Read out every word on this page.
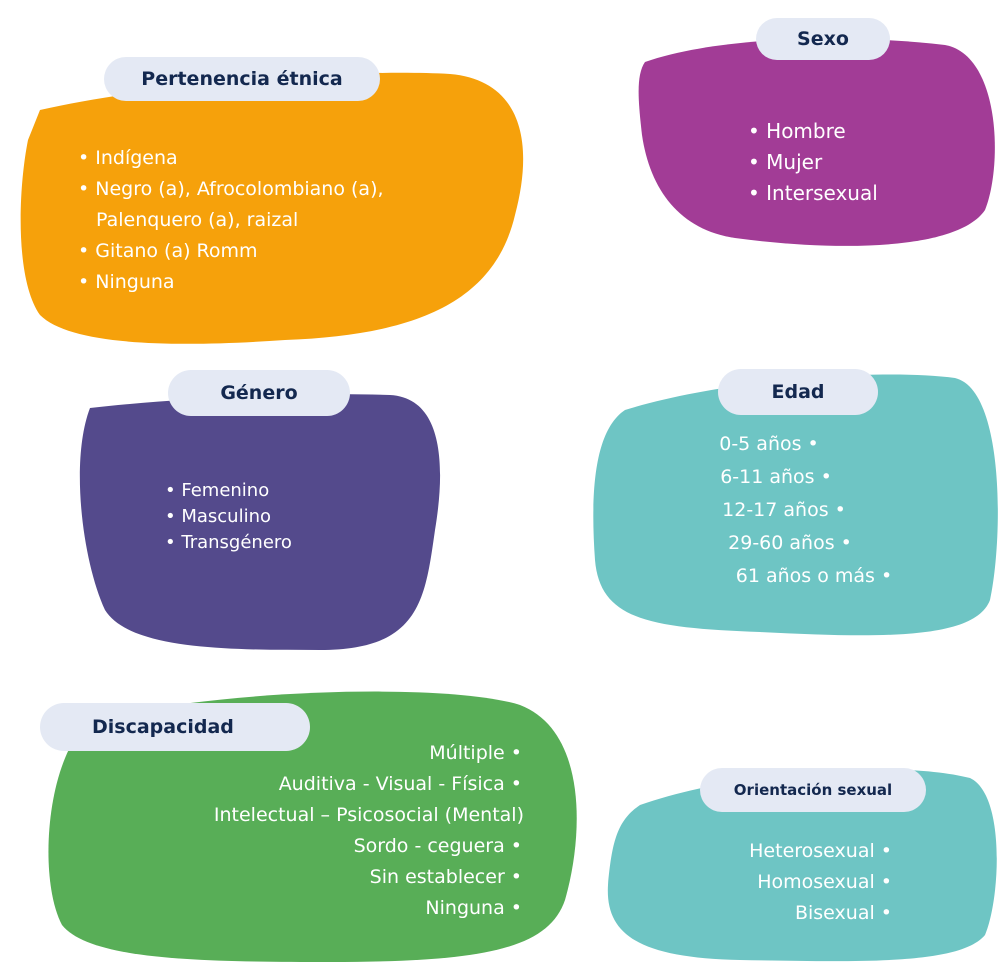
Pertenencia étnica
• Indígena
• Negro (a), Afrocolombiano (a),
Palenquero (a), raizal
• Gitano (a) Romm
• Ninguna
Sexo
• Hombre
• Mujer
• Intersexual
Género
• Femenino
• Masculino
• Transgénero
Edad
0-5 años •
6-11 años •
12-17 años •
29-60 años •
61 años o más •
Discapacidad
Múltiple •
Auditiva - Visual - Física •
Intelectual – Psicosocial (Mental)
Sordo - ceguera •
Sin establecer •
Ninguna •
Orientación sexual
Heterosexual •
Homosexual •
Bisexual •
